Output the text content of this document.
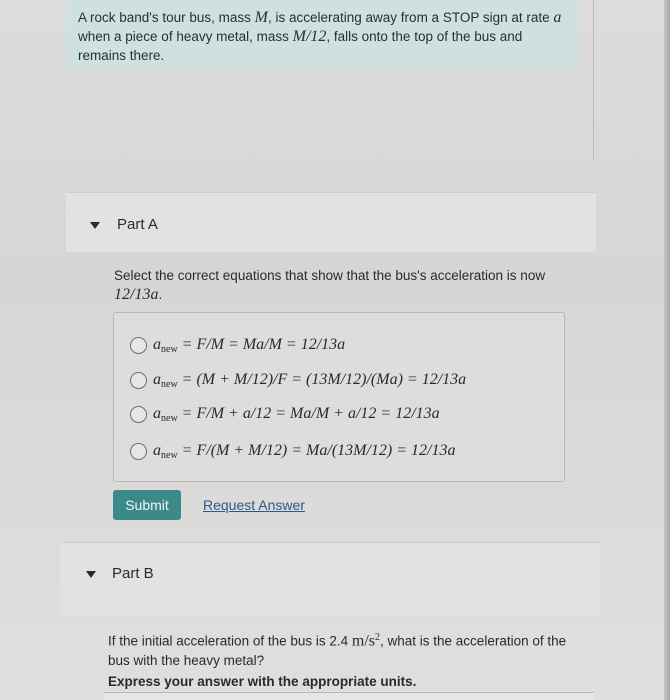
A rock band's tour bus, mass M, is accelerating away from a STOP sign at rate a
when a piece of heavy metal, mass M/12, falls onto the top of the bus and
remains there.
Part A
Select the correct equations that show that the bus's acceleration is now
12/13a.
$a_{new} = F/M = Ma/M = 12/13a$
$a_{new} = (M + M/12)/F = (13M/12)/(Ma) = 12/13a$
$a_{new} = F/M + a/12 = Ma/M + a/12 = 12/13a$
$a_{new} = F/(M + M/12) = Ma/(13M/12) = 12/13a$
Submit	Request Answer
Part B
If the initial acceleration of the bus is 2.4 $m/s^2$, what is the acceleration of the
bus with the heavy metal?
Express your answer with the appropriate units.
